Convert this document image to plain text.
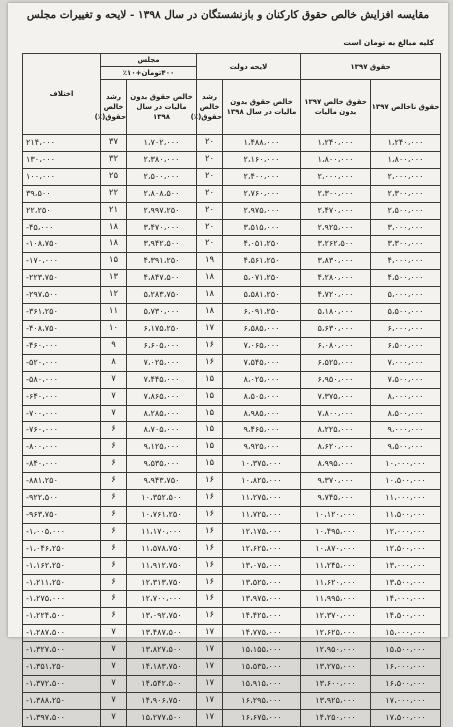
مقایسه افزایش خالص حقوق کارکنان و بازنشستگان در سال ۱۳۹۸ - لایحه و تغییرات مجلس
کلیه مبالغ به تومان است
اختلاف	مجلس		لایحه دولت		حقوق ۱۳۹۷	
	۴۰۰تومان+۱۰٪					
	رشد خالص حقوق(٪)	خالص حقوق بدون مالیات در سال ۱۳۹۸	رشد خالص حقوق(٪)	خالص حقوق بدون مالیات در سال ۱۳۹۸	حقوق خالص ۱۳۹۷ بدون مالیات	حقوق ناخالص ۱۳۹۷
۲۱۴،۰۰۰	۳۷	۱،۷۰۲،۰۰۰	۲۰	۱،۴۸۸،۰۰۰	۱،۲۴۰،۰۰۰	۱،۲۴۰،۰۰۰
۱۳۰،۰۰۰	۳۲	۲،۳۸۰،۰۰۰	۲۰	۲،۱۶۰،۰۰۰	۱،۸۰۰،۰۰۰	۱،۸۰۰،۰۰۰
۱۰۰،۰۰۰	۲۵	۲،۵۰۰،۰۰۰	۲۰	۲،۴۰۰،۰۰۰	۲،۰۰۰،۰۰۰	۲،۰۰۰،۰۰۰
۳۹،۵۰۰	۲۲	۲،۸۰۸،۵۰۰	۲۰	۲،۷۶۰،۰۰۰	۲،۳۰۰،۰۰۰	۲،۳۰۰،۰۰۰
۲۲،۲۵۰	۲۱	۲،۹۹۷،۲۵۰	۲۰	۲،۹۷۵،۰۰۰	۲،۴۷۰،۰۰۰	۲،۵۰۰،۰۰۰
-۴۵،۰۰۰	۱۸	۳،۴۷۰،۰۰۰	۲۰	۳،۵۱۵،۰۰۰	۲،۹۲۵،۰۰۰	۳،۰۰۰،۰۰۰
-۱۰۸،۷۵۰	۱۸	۳،۹۴۲،۵۰۰	۲۰	۴،۰۵۱،۲۵۰	۳،۲۶۲،۵۰۰	۳،۳۰۰،۰۰۰
-۱۷۰،۰۰۰	۱۵	۴،۳۹۱،۲۵۰	۱۹	۴،۵۶۱،۲۵۰	۳،۸۳۰،۰۰۰	۴،۰۰۰،۰۰۰
-۲۲۳،۷۵۰	۱۳	۴،۸۴۷،۵۰۰	۱۸	۵،۰۷۱،۲۵۰	۴،۲۸۰،۰۰۰	۴،۵۰۰،۰۰۰
-۲۹۷،۵۰۰	۱۲	۵،۲۸۳،۷۵۰	۱۸	۵،۵۸۱،۲۵۰	۴،۷۲۰،۰۰۰	۵،۰۰۰،۰۰۰
-۳۶۱،۲۵۰	۱۱	۵،۷۳۰،۰۰۰	۱۸	۶،۰۹۱،۲۵۰	۵،۱۸۰،۰۰۰	۵،۵۰۰،۰۰۰
-۴۰۸،۷۵۰	۱۰	۶،۱۷۵،۲۵۰	۱۷	۶،۵۸۵،۰۰۰	۵،۶۳۰،۰۰۰	۶،۰۰۰،۰۰۰
-۴۶۰،۰۰۰	۹	۶،۶۰۵،۰۰۰	۱۶	۷،۰۶۵،۰۰۰	۶،۰۸۰،۰۰۰	۶،۵۰۰،۰۰۰
-۵۲۰،۰۰۰	۸	۷،۰۲۵،۰۰۰	۱۶	۷،۵۴۵،۰۰۰	۶،۵۲۵،۰۰۰	۷،۰۰۰،۰۰۰
-۵۸۰،۰۰۰	۷	۷،۴۴۵،۰۰۰	۱۵	۸،۰۲۵،۰۰۰	۶،۹۵۰،۰۰۰	۷،۵۰۰،۰۰۰
-۶۴۰،۰۰۰	۷	۷،۸۶۵،۰۰۰	۱۵	۸،۵۰۵،۰۰۰	۷،۳۷۵،۰۰۰	۸،۰۰۰،۰۰۰
-۷۰۰،۰۰۰	۷	۸،۲۸۵،۰۰۰	۱۵	۸،۹۸۵،۰۰۰	۷،۸۰۰،۰۰۰	۸،۵۰۰،۰۰۰
-۷۶۰،۰۰۰	۶	۸،۷۰۵،۰۰۰	۱۵	۹،۴۶۵،۰۰۰	۸،۲۲۵،۰۰۰	۹،۰۰۰،۰۰۰
-۸۰۰،۰۰۰	۶	۹،۱۲۵،۰۰۰	۱۵	۹،۹۲۵،۰۰۰	۸،۶۲۰،۰۰۰	۹،۵۰۰،۰۰۰
-۸۴۰،۰۰۰	۶	۹،۵۳۵،۰۰۰	۱۵	۱۰،۳۷۵،۰۰۰	۸،۹۹۵،۰۰۰	۱۰،۰۰۰،۰۰۰
-۸۸۱،۲۵۰	۶	۹،۹۴۳،۷۵۰	۱۶	۱۰،۸۲۵،۰۰۰	۹،۳۷۰،۰۰۰	۱۰،۵۰۰،۰۰۰
-۹۲۲،۵۰۰	۶	۱۰،۳۵۲،۵۰۰	۱۶	۱۱،۲۷۵،۰۰۰	۹،۷۴۵،۰۰۰	۱۱،۰۰۰،۰۰۰
-۹۶۳،۷۵۰	۶	۱۰،۷۶۱،۲۵۰	۱۶	۱۱،۷۲۵،۰۰۰	۱۰،۱۲۰،۰۰۰	۱۱،۵۰۰،۰۰۰
-۱،۰۰۵،۰۰۰	۶	۱۱،۱۷۰،۰۰۰	۱۶	۱۲،۱۷۵،۰۰۰	۱۰،۴۹۵،۰۰۰	۱۲،۰۰۰،۰۰۰
-۱،۰۴۶،۲۵۰	۶	۱۱،۵۷۸،۷۵۰	۱۶	۱۲،۶۲۵،۰۰۰	۱۰،۸۷۰،۰۰۰	۱۲،۵۰۰،۰۰۰
-۱،۱۶۲،۲۵۰	۶	۱۱،۹۱۲،۷۵۰	۱۶	۱۳،۰۷۵،۰۰۰	۱۱،۲۴۵،۰۰۰	۱۳،۰۰۰،۰۰۰
-۱،۲۱۱،۲۵۰	۶	۱۲،۳۱۳،۷۵۰	۱۶	۱۳،۵۲۵،۰۰۰	۱۱،۶۲۰،۰۰۰	۱۳،۵۰۰،۰۰۰
-۱،۲۷۵،۰۰۰	۶	۱۲،۷۰۰،۰۰۰	۱۶	۱۳،۹۷۵،۰۰۰	۱۱،۹۹۵،۰۰۰	۱۴،۰۰۰،۰۰۰
-۱،۲۲۴،۵۰۰	۶	۱۳،۰۹۲،۷۵۰	۱۶	۱۴،۴۲۵،۰۰۰	۱۲،۳۷۰،۰۰۰	۱۴،۵۰۰،۰۰۰
-۱،۲۸۷،۵۰۰	۷	۱۳،۴۸۷،۵۰۰	۱۷	۱۴،۷۷۵،۰۰۰	۱۲،۶۲۵،۰۰۰	۱۵،۰۰۰،۰۰۰
-۱،۳۲۷،۵۰۰	۷	۱۳،۸۲۷،۵۰۰	۱۷	۱۵،۱۵۵،۰۰۰	۱۲،۹۵۰،۰۰۰	۱۵،۵۰۰،۰۰۰
-۱،۳۵۱،۲۵۰	۷	۱۴،۱۸۳،۷۵۰	۱۷	۱۵،۵۳۵،۰۰۰	۱۳،۲۷۵،۰۰۰	۱۶،۰۰۰،۰۰۰
-۱،۳۷۲،۵۰۰	۷	۱۴،۵۴۲،۵۰۰	۱۷	۱۵،۹۱۵،۰۰۰	۱۳،۶۰۰،۰۰۰	۱۶،۵۰۰،۰۰۰
-۱،۳۸۸،۲۵۰	۷	۱۴،۹۰۶،۷۵۰	۱۷	۱۶،۲۹۵،۰۰۰	۱۳،۹۲۵،۰۰۰	۱۷،۰۰۰،۰۰۰
-۱،۳۹۷،۵۰۰	۷	۱۵،۲۷۷،۵۰۰	۱۷	۱۶،۶۷۵،۰۰۰	۱۴،۲۵۰،۰۰۰	۱۷،۵۰۰،۰۰۰
